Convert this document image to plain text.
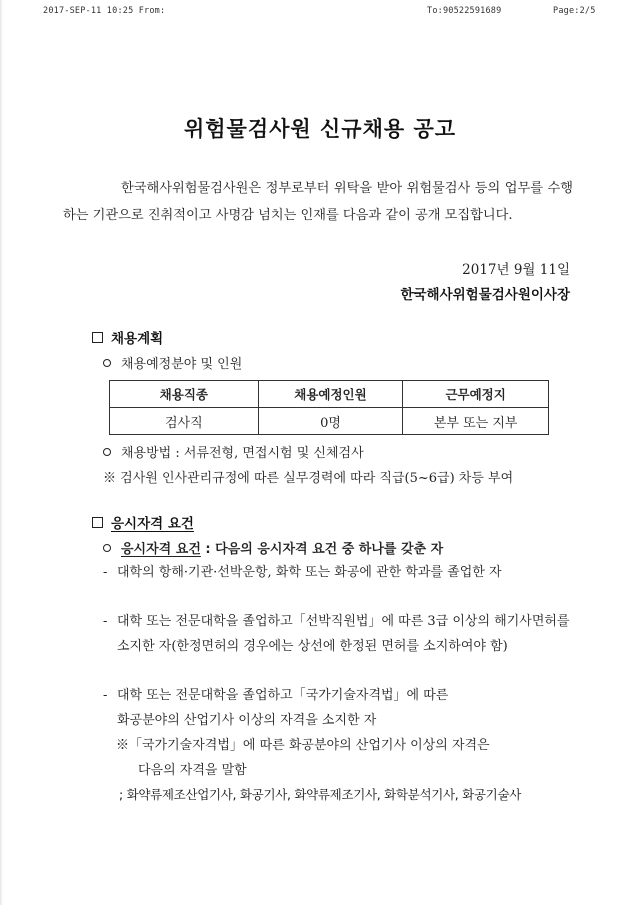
2017-SEP-11 10:25 From:	To:90522591689	Page:2/5
위험물검사원 신규채용 공고
한국해사위험물검사원은 정부로부터 위탁을 받아 위험물검사 등의 업무를 수행하는 기관으로 진취적이고 사명감 넘치는 인재를 다음과 같이 공개 모집합니다.
2017년 9월 11일
한국해사위험물검사원이사장
채용계획
채용예정분야 및 인원
채용직종	채용예정인원	근무예정지
검사직	0명	본부 또는 지부
채용방법 : 서류전형, 면접시험 및 신체검사
※ 검사원 인사관리규정에 따른 실무경력에 따라 직급(5~6급) 차등 부여
응시자격 요건
응시자격 요건 : 다음의 응시자격 요건 중 하나를 갖춘 자
- 대학의 항해·기관·선박운항, 화학 또는 화공에 관한 학과를 졸업한 자
- 대학 또는 전문대학을 졸업하고「선박직원법」에 따른 3급 이상의 해기사면허를 소지한 자(한정면허의 경우에는 상선에 한정된 면허를 소지하여야 함)
- 대학 또는 전문대학을 졸업하고「국가기술자격법」에 따른
화공분야의 산업기사 이상의 자격을 소지한 자
※「국가기술자격법」에 따른 화공분야의 산업기사 이상의 자격은
다음의 자격을 말함
; 화약류제조산업기사, 화공기사, 화약류제조기사, 화학분석기사, 화공기술사
